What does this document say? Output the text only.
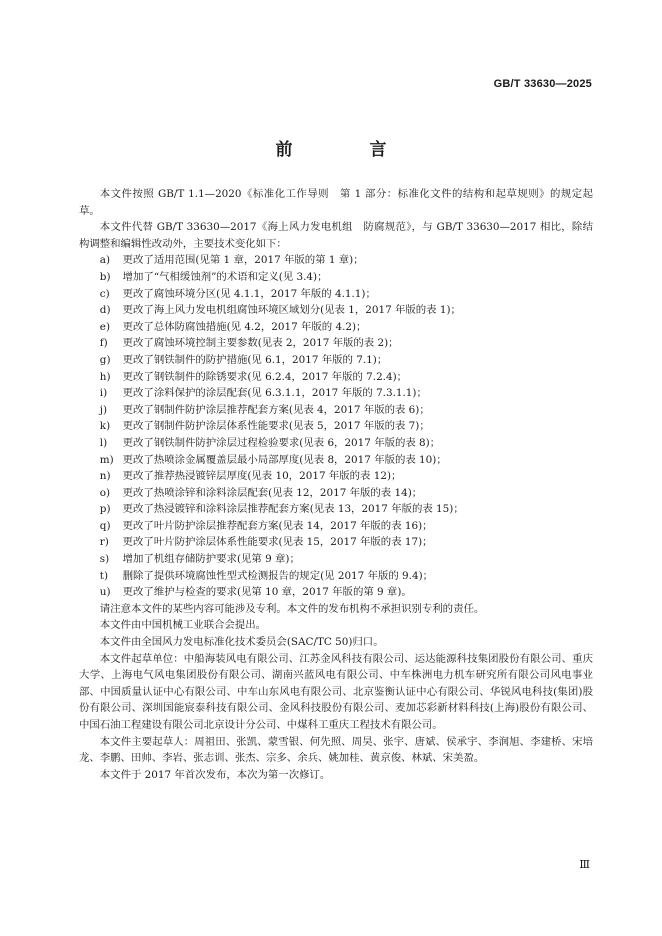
GB/T 33630—2025
前　言

本文件按照 GB/T 1.1—2020《标准化工作导则　第 1 部分：标准化文件的结构和起草规则》的规定起草。

本文件代替 GB/T 33630—2017《海上风力发电机组　防腐规范》，与 GB/T 33630—2017 相比，除结构调整和编辑性改动外，主要技术变化如下：

a)	更改了适用范围(见第 1 章，2017 年版的第 1 章)；
b)	增加了“气相缓蚀剂”的术语和定义(见 3.4)；
c)	更改了腐蚀环境分区(见 4.1.1，2017 年版的 4.1.1)；
d)	更改了海上风力发电机组腐蚀环境区域划分(见表 1，2017 年版的表 1)；
e)	更改了总体防腐蚀措施(见 4.2，2017 年版的 4.2)；
f)	更改了腐蚀环境控制主要参数(见表 2，2017 年版的表 2)；
g)	更改了钢铁制件的防护措施(见 6.1，2017 年版的 7.1)；
h)	更改了钢铁制件的除锈要求(见 6.2.4，2017 年版的 7.2.4)；
i)	更改了涂料保护的涂层配套(见 6.3.1.1，2017 年版的 7.3.1.1)；
j)	更改了钢制件防护涂层推荐配套方案(见表 4，2017 年版的表 6)；
k)	更改了钢制件防护涂层体系性能要求(见表 5，2017 年版的表 7)；
l)	更改了钢铁制件防护涂层过程检验要求(见表 6，2017 年版的表 8)；
m) 更改了热喷涂金属覆盖层最小局部厚度(见表 8，2017 年版的表 10)；
n)	更改了推荐热浸镀锌层厚度(见表 10，2017 年版的表 12)；
o)	更改了热喷涂锌和涂料涂层配套(见表 12，2017 年版的表 14)；
p)	更改了热浸镀锌和涂料涂层推荐配套方案(见表 13，2017 年版的表 15)；
q)	更改了叶片防护涂层推荐配套方案(见表 14，2017 年版的表 16)；
r)	更改了叶片防护涂层体系性能要求(见表 15，2017 年版的表 17)；
s)	增加了机组存储防护要求(见第 9 章)；
t)	删除了提供环境腐蚀性型式检测报告的规定(见 2017 年版的 9.4)；
u)	更改了维护与检查的要求(见第 10 章，2017 年版的第 9 章)。

请注意本文件的某些内容可能涉及专利。本文件的发布机构不承担识别专利的责任。

本文件由中国机械工业联合会提出。

本文件由全国风力发电标准化技术委员会(SAC/TC 50)归口。

本文件起草单位：中船海装风电有限公司、江苏金风科技有限公司、运达能源科技集团股份有限公司、重庆大学、上海电气风电集团股份有限公司、湖南兴蓝风电有限公司、中车株洲电力机车研究所有限公司风电事业部、中国质量认证中心有限公司、中车山东风电有限公司、北京鉴衡认证中心有限公司、华锐风电科技(集团)股份有限公司、深圳国能宸泰科技有限公司、金风科技股份有限公司、麦加芯彩新材料科技(上海)股份有限公司、中国石油工程建设有限公司北京设计分公司、中煤科工重庆工程技术有限公司。

本文件主要起草人：周祖田、张凯、蒙雪银、何先照、周昊、张宇、唐斌、侯承宇、李润旭、李建桥、宋培龙、李鹏、田帅、李岩、张志训、张杰、宗多、余兵、姚加桂、黄京俊、林斌、宋美盈。

本文件于 2017 年首次发布，本次为第一次修订。

Ⅲ
